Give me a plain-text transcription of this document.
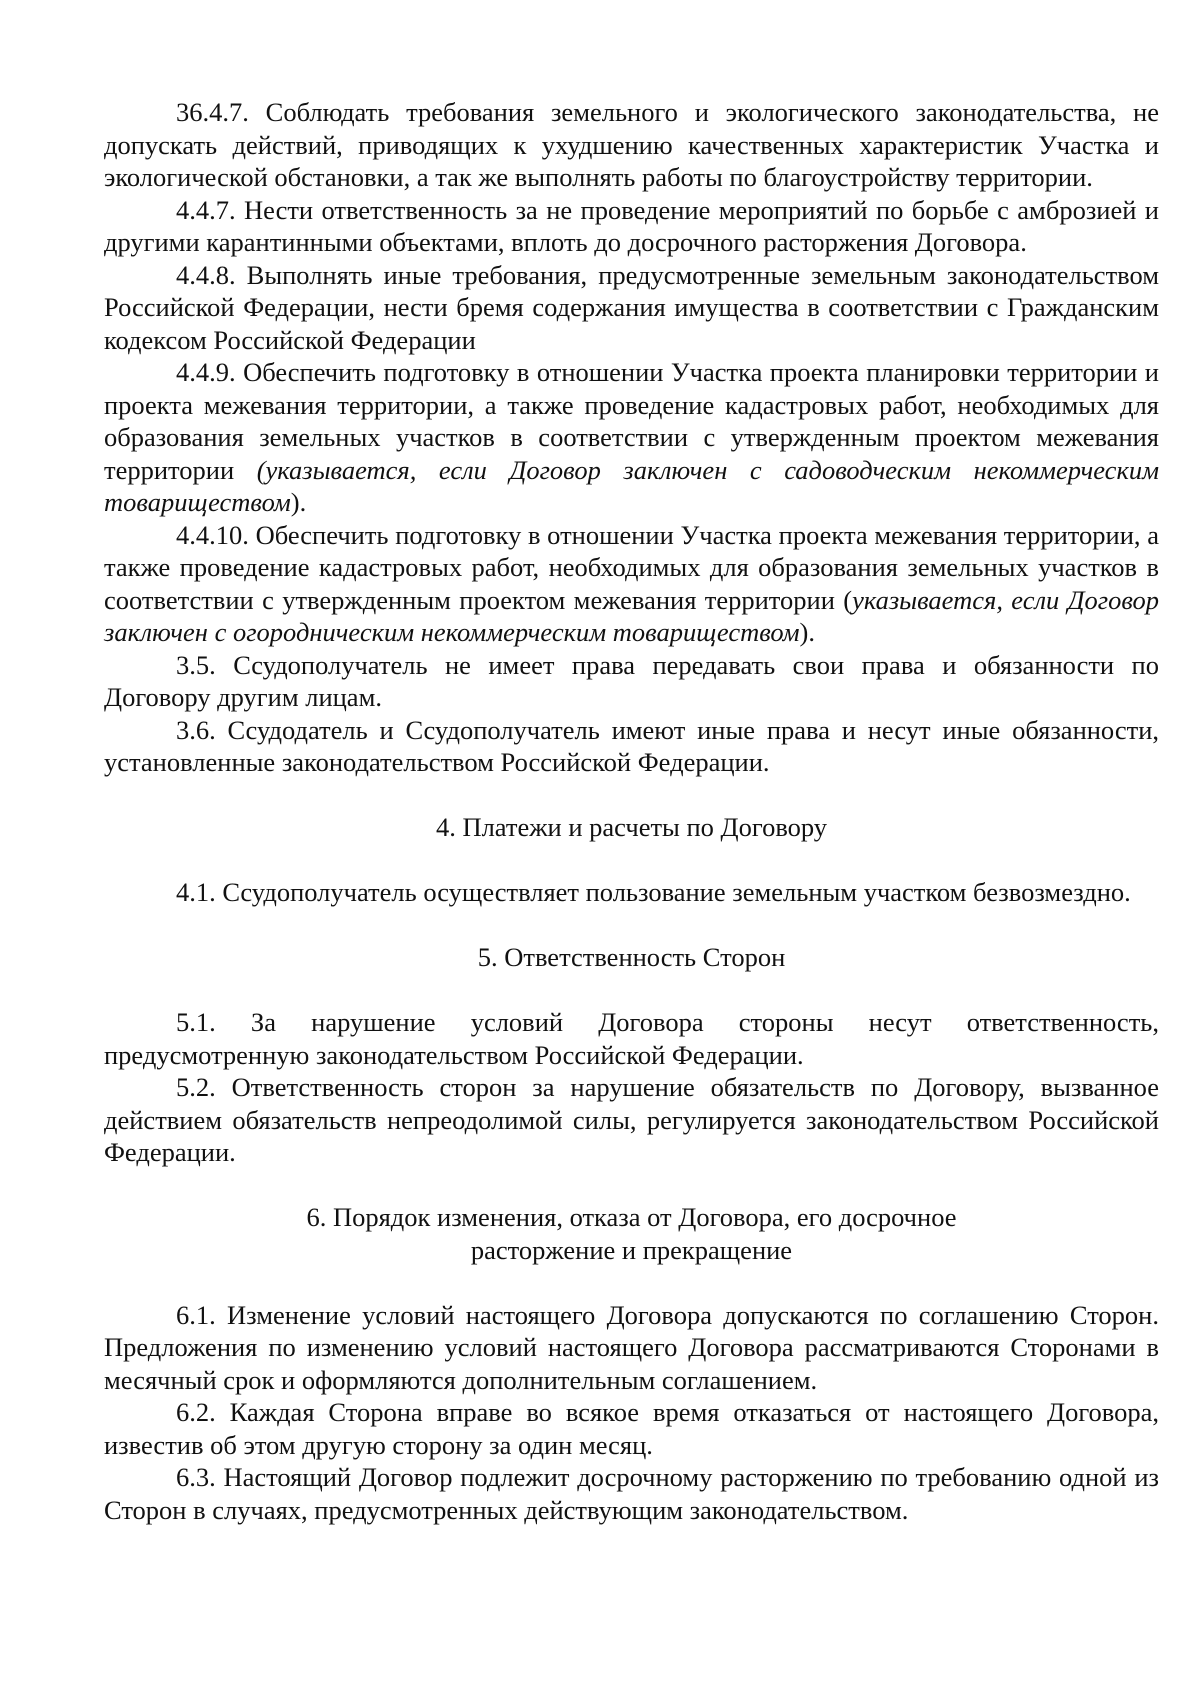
36.4.7. Соблюдать требования земельного и экологического законодательства, не допускать действий, приводящих к ухудшению качественных характеристик Участка и экологической обстановки, а так же выполнять работы по благоустройству территории.

4.4.7. Нести ответственность за не проведение мероприятий по борьбе с амброзией и другими карантинными объектами, вплоть до досрочного расторжения Договора.

4.4.8. Выполнять иные требования, предусмотренные земельным законодательством Российской Федерации, нести бремя содержания имущества в соответствии с Гражданским кодексом Российской Федерации

4.4.9. Обеспечить подготовку в отношении Участка проекта планировки территории и проекта межевания территории, а также проведение кадастровых работ, необходимых для образования земельных участков в соответствии с утвержденным проектом межевания территории (указывается, если Договор заключен с садоводческим некоммерческим товариществом).

4.4.10. Обеспечить подготовку в отношении Участка проекта межевания территории, а также проведение кадастровых работ, необходимых для образования земельных участков в соответствии с утвержденным проектом межевания территории (указывается, если Договор заключен с огородническим некоммерческим товариществом).

3.5. Ссудополучатель не имеет права передавать свои права и обязанности по Договору другим лицам.

3.6. Ссудодатель и Ссудополучатель имеют иные права и несут иные обязанности, установленные законодательством Российской Федерации.

4. Платежи и расчеты по Договору

4.1. Ссудополучатель осуществляет пользование земельным участком безвозмездно.

5. Ответственность Сторон

5.1. За нарушение условий Договора стороны несут ответственность, предусмотренную законодательством Российской Федерации.

5.2. Ответственность сторон за нарушение обязательств по Договору, вызванное действием обязательств непреодолимой силы, регулируется законодательством Российской Федерации.

6. Порядок изменения, отказа от Договора, его досрочное

расторжение и прекращение

6.1. Изменение условий настоящего Договора допускаются по соглашению Сторон. Предложения по изменению условий настоящего Договора рассматриваются Сторонами в месячный срок и оформляются дополнительным соглашением.

6.2. Каждая Сторона вправе во всякое время отказаться от настоящего Договора, известив об этом другую сторону за один месяц.

6.3. Настоящий Договор подлежит досрочному расторжению по требованию одной из Сторон в случаях, предусмотренных действующим законодательством.
